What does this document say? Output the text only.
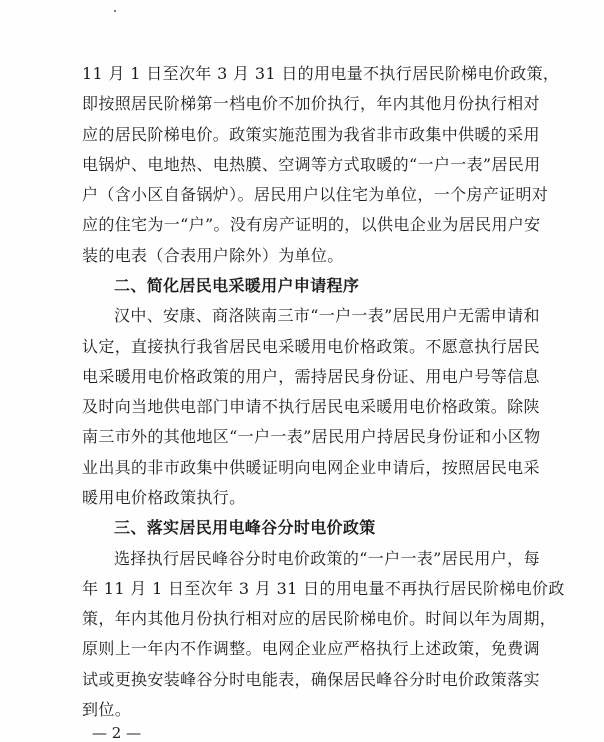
11 月 1 日至次年 3 月 31 日的用电量不执行居民阶梯电价政策，
即按照居民阶梯第一档电价不加价执行，年内其他月份执行相对
应的居民阶梯电价。政策实施范围为我省非市政集中供暖的采用
电锅炉、电地热、电热膜、空调等方式取暖的“一户一表”居民用
户（含小区自备锅炉）。居民用户以住宅为单位，一个房产证明对
应的住宅为一“户”。没有房产证明的，以供电企业为居民用户安
装的电表（合表用户除外）为单位。
二、简化居民电采暖用户申请程序
汉中、安康、商洛陕南三市“一户一表”居民用户无需申请和
认定，直接执行我省居民电采暖用电价格政策。不愿意执行居民
电采暖用电价格政策的用户，需持居民身份证、用电户号等信息
及时向当地供电部门申请不执行居民电采暖用电价格政策。除陕
南三市外的其他地区“一户一表”居民用户持居民身份证和小区物
业出具的非市政集中供暖证明向电网企业申请后，按照居民电采
暖用电价格政策执行。
三、落实居民用电峰谷分时电价政策
选择执行居民峰谷分时电价政策的“一户一表”居民用户，每
年 11 月 1 日至次年 3 月 31 日的用电量不再执行居民阶梯电价政
策，年内其他月份执行相对应的居民阶梯电价。时间以年为周期，
原则上一年内不作调整。电网企业应严格执行上述政策，免费调
试或更换安装峰谷分时电能表，确保居民峰谷分时电价政策落实
到位。
— 2 —
